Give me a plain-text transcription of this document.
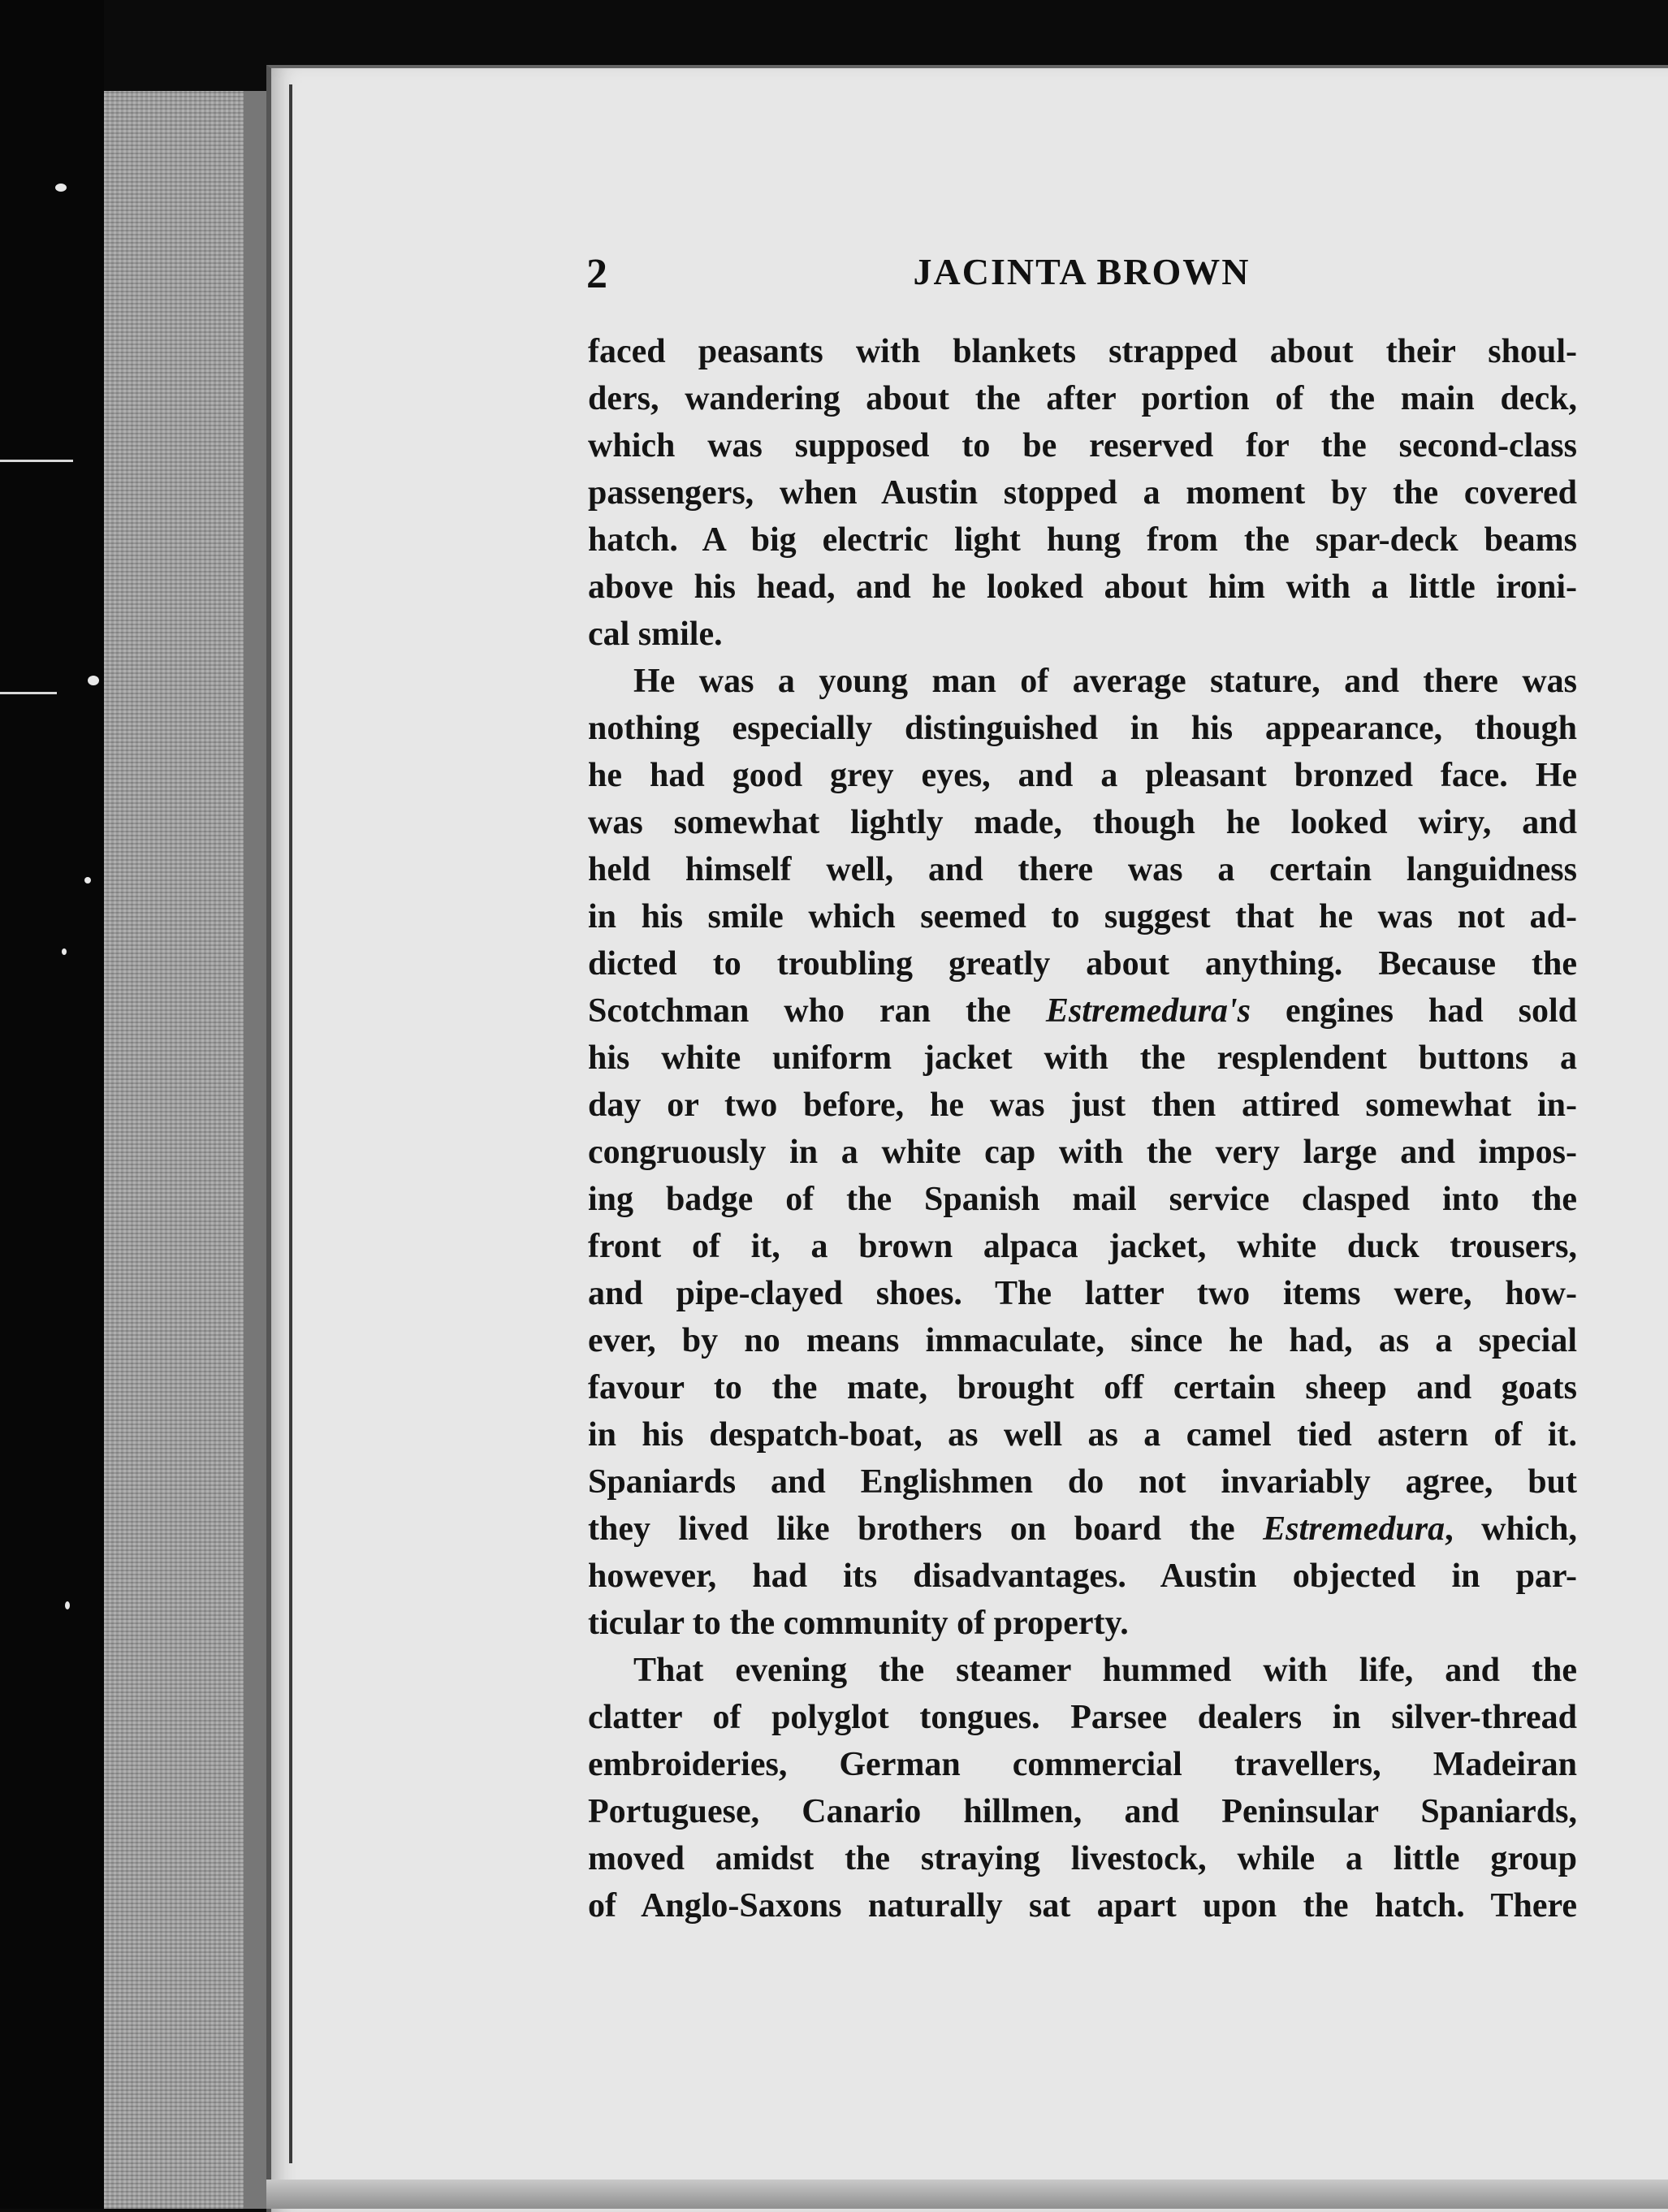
2	JACINTA BROWN
faced peasants with blankets strapped about their shoul-
ders, wandering about the after portion of the main deck,
which was supposed to be reserved for the second-class
passengers, when Austin stopped a moment by the covered
hatch. A big electric light hung from the spar-deck beams
above his head, and he looked about him with a little ironi-
cal smile.
He was a young man of average stature, and there was
nothing especially distinguished in his appearance, though
he had good grey eyes, and a pleasant bronzed face. He
was somewhat lightly made, though he looked wiry, and
held himself well, and there was a certain languidness
in his smile which seemed to suggest that he was not ad-
dicted to troubling greatly about anything. Because the
Scotchman who ran the Estremedura's engines had sold
his white uniform jacket with the resplendent buttons a
day or two before, he was just then attired somewhat in-
congruously in a white cap with the very large and impos-
ing badge of the Spanish mail service clasped into the
front of it, a brown alpaca jacket, white duck trousers,
and pipe-clayed shoes. The latter two items were, how-
ever, by no means immaculate, since he had, as a special
favour to the mate, brought off certain sheep and goats
in his despatch-boat, as well as a camel tied astern of it.
Spaniards and Englishmen do not invariably agree, but
they lived like brothers on board the Estremedura, which,
however, had its disadvantages. Austin objected in par-
ticular to the community of property.
That evening the steamer hummed with life, and the
clatter of polyglot tongues. Parsee dealers in silver-thread
embroideries, German commercial travellers, Madeiran
Portuguese, Canario hillmen, and Peninsular Spaniards,
moved amidst the straying livestock, while a little group
of Anglo-Saxons naturally sat apart upon the hatch. There
